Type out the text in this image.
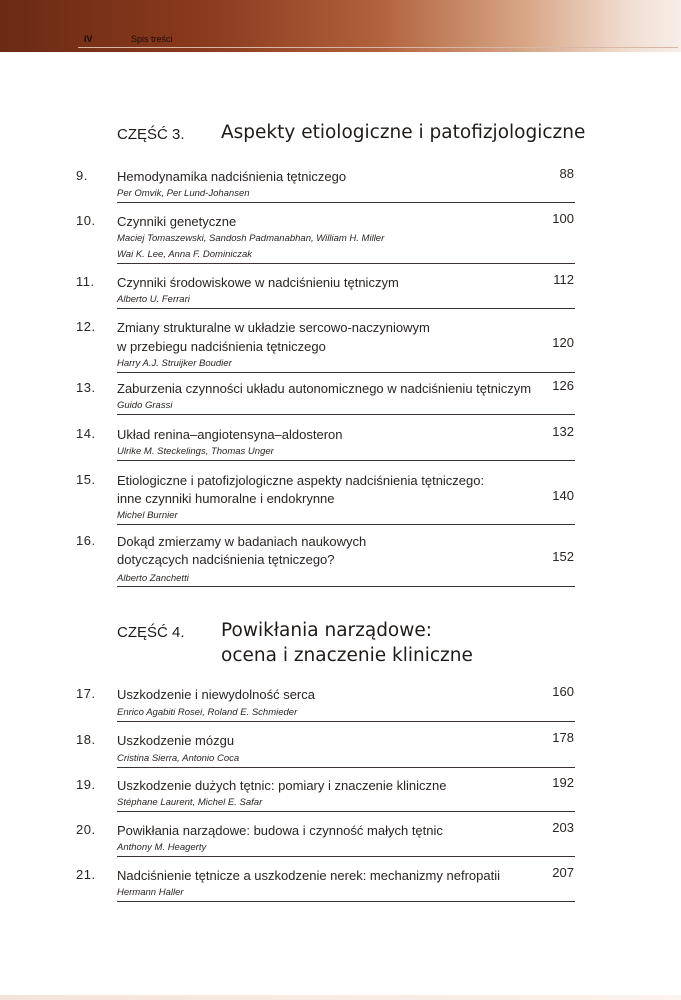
IV	Spis treści
CZĘŚĆ 3. Aspekty etiologiczne i patofizjologiczne
CZĘŚĆ 4. Powikłania narządowe:
ocena i znaczenie kliniczne
9.	Hemodynamika nadciśnienia tętniczego
Per Omvik, Per Lund-Johansen
88
10.	Czynniki genetyczne
Maciej Tomaszewski, Sandosh Padmanabhan, William H. Miller
Wai K. Lee, Anna F. Dominiczak
100
11.	Czynniki środowiskowe w nadciśnieniu tętniczym
Alberto U. Ferrari
112
12.	Zmiany strukturalne w układzie sercowo-naczyniowym
w przebiegu nadciśnienia tętniczego
Harry A.J. Struijker Boudier
120
13.	Zaburzenia czynności układu autonomicznego w nadciśnieniu tętniczym
Guido Grassi
126
14.	Układ renina–angiotensyna–aldosteron
Ulrike M. Steckelings, Thomas Unger
132
15.	Etiologiczne i patofizjologiczne aspekty nadciśnienia tętniczego:
inne czynniki humoralne i endokrynne
Michel Burnier
140
16.	Dokąd zmierzamy w badaniach naukowych
dotyczących nadciśnienia tętniczego?
Alberto Zanchetti
152
17.	Uszkodzenie i niewydolność serca
Enrico Agabiti Rosei, Roland E. Schmieder
160
18.	Uszkodzenie mózgu
Cristina Sierra, Antonio Coca
178
19.	Uszkodzenie dużych tętnic: pomiary i znaczenie kliniczne
Stéphane Laurent, Michel E. Safar
192
20.	Powikłania narządowe: budowa i czynność małych tętnic
Anthony M. Heagerty
203
21.	Nadciśnienie tętnicze a uszkodzenie nerek: mechanizmy nefropatii
Hermann Haller
207
